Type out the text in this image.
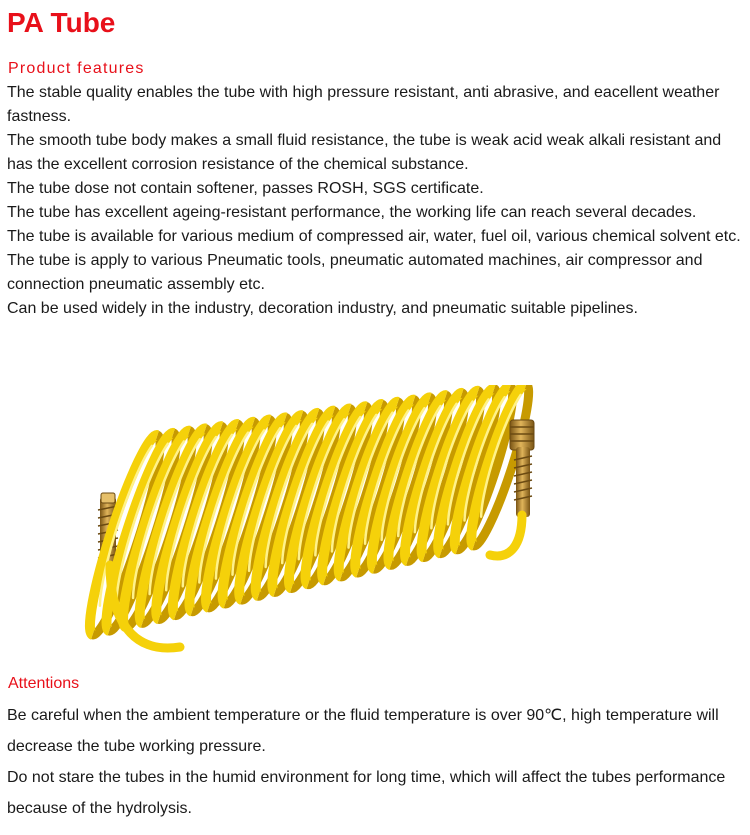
PA Tube
Product features

The stable quality enables the tube with high pressure resistant, anti abrasive, and eacellent weather fastness.

The smooth tube body makes a small fluid resistance, the tube is weak acid weak alkali resistant and has the excellent corrosion resistance of the chemical substance.

The tube dose not contain softener, passes ROSH, SGS certificate.

The tube has excellent ageing-resistant performance, the working life can reach several decades.

The tube is available for various medium of compressed air, water, fuel oil, various chemical solvent etc.

The tube is apply to various Pneumatic tools, pneumatic automated machines, air compressor and connection pneumatic assembly etc.

Can be used widely in the industry, decoration industry, and pneumatic suitable pipelines.

Attentions

Be careful when the ambient temperature or the fluid temperature is over 90℃, high temperature will decrease the tube working pressure.

Do not stare the tubes in the humid environment for long time, which will affect the tubes performance because of the hydrolysis.
